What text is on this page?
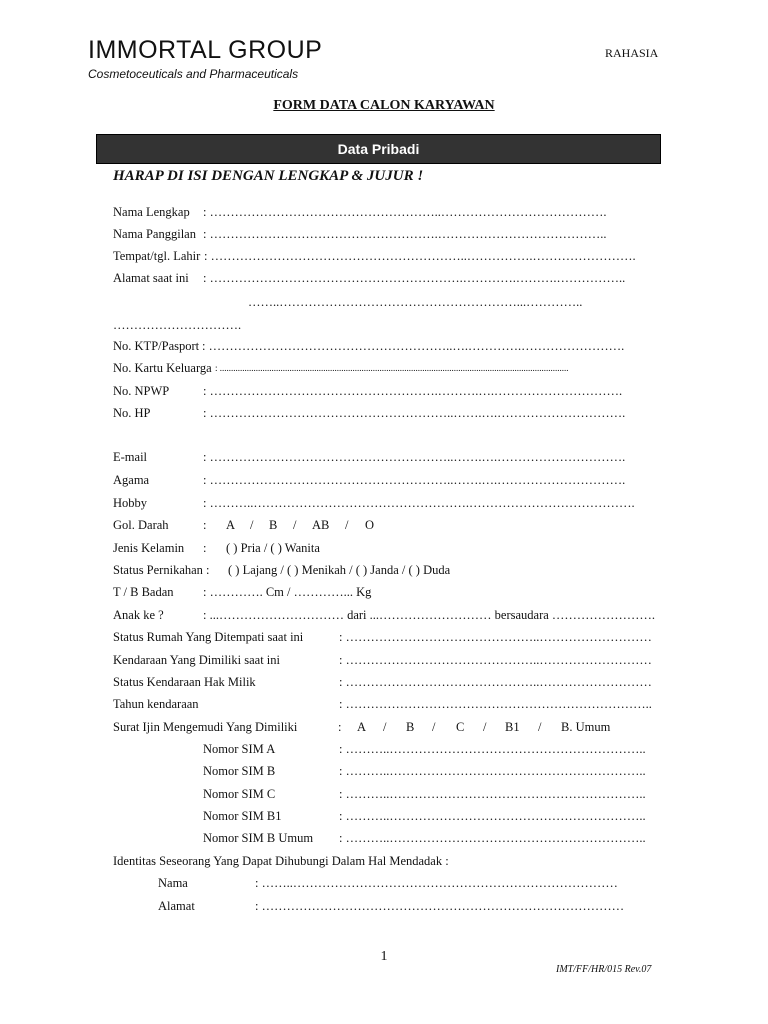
IMMORTAL GROUP
Cosmetoceuticals and Pharmaceuticals
RAHASIA
FORM DATA CALON KARYAWAN
Data Pribadi
HARAP DI ISI DENGAN LENGKAP & JUJUR !
Nama Lengkap : ………………………………………………..………………………………….
Nama Panggilan : ……………………………………………….…………………………………..
Tempat/tgl. Lahir : ……………………………………………………..…………….…………………….
Alamat saat ini : …………………………………………………….………….……….……………..
……..…………………………………………………...…………..
………………………….
No. KTP/Pasport : …………………………………………………..….………….…………………….
No. Kartu Keluarga : ...........................................................................................................................................................
No. NPWP	: ……………………………………………….……….….………………………….
No. HP	: …………………………………………………..…….….………………………….
E-mail	: …………………………………………………..…….….………………………….
Agama	: …………………………………………………..…….….………………………….
Hobby	: ………..…………………………………………….………………………………….
Gol. Darah	: A / B / AB / O
Jenis Kelamin : ( ) Pria / ( ) Wanita
Status Pernikahan : ( ) Lajang / ( ) Menikah / ( ) Janda / ( ) Duda
T / B Badan : …………. Cm / …………... Kg
Anak ke ?	: ...………………………… dari ...……………………… bersaudara …………………….
Status Rumah Yang Ditempati saat ini	: ………………………………………..………………………
Kendaraan Yang Dimiliki saat ini	: ………………………………………..………………………
Status Kendaraan Hak Milik	: ………………………………………..………………………
Tahun kendaraan	: ………………………………………………………………..
Surat Ijin Mengemudi Yang Dimiliki	: A / B / C / B1 / B. Umum
Nomor SIM A	: ………..……………………………………………………..
Nomor SIM B	: ………..……………………………………………………..
Nomor SIM C	: ………..……………………………………………………..
Nomor SIM B1	: ………..……………………………………………………..
Nomor SIM B Umum : ………..……………………………………………………..
Identitas Seseorang Yang Dapat Dihubungi Dalam Hal Mendadak :
Nama	: ……..……………………………………………………………………
Alamat	: ……………………………………………………………………………
1
IMT/FF/HR/015 Rev.07
